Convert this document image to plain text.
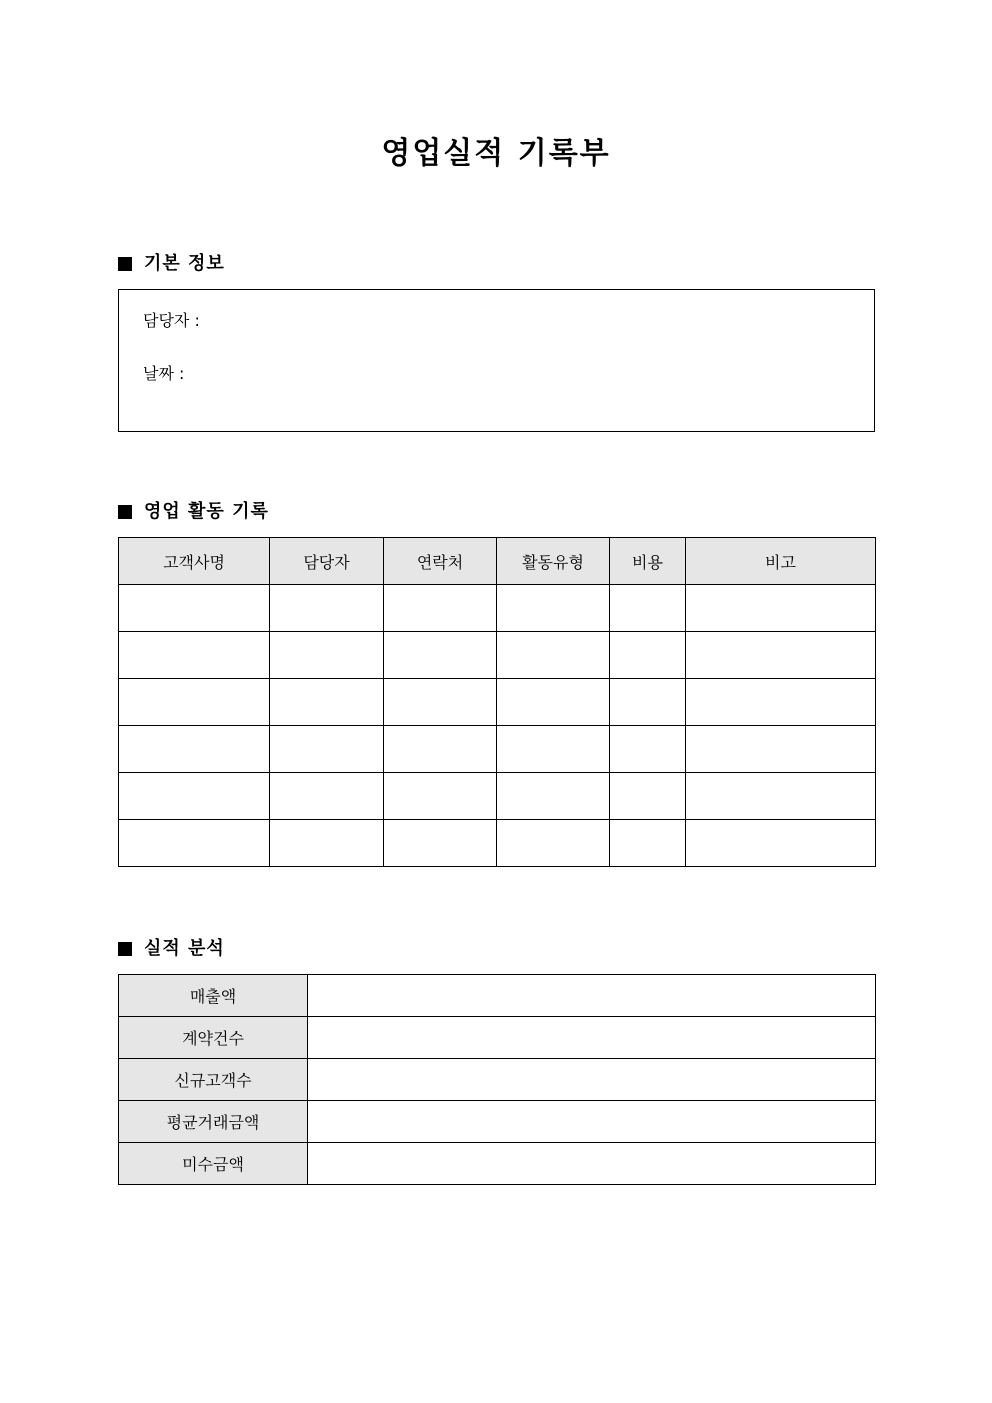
영업실적 기록부
기본 정보
담당자 :
날짜 :
영업 활동 기록
고객사명	담당자	연락처	활동유형	비용	비고

실적 분석
매출액	
계약건수	
신규고객수	
평균거래금액	
미수금액	
